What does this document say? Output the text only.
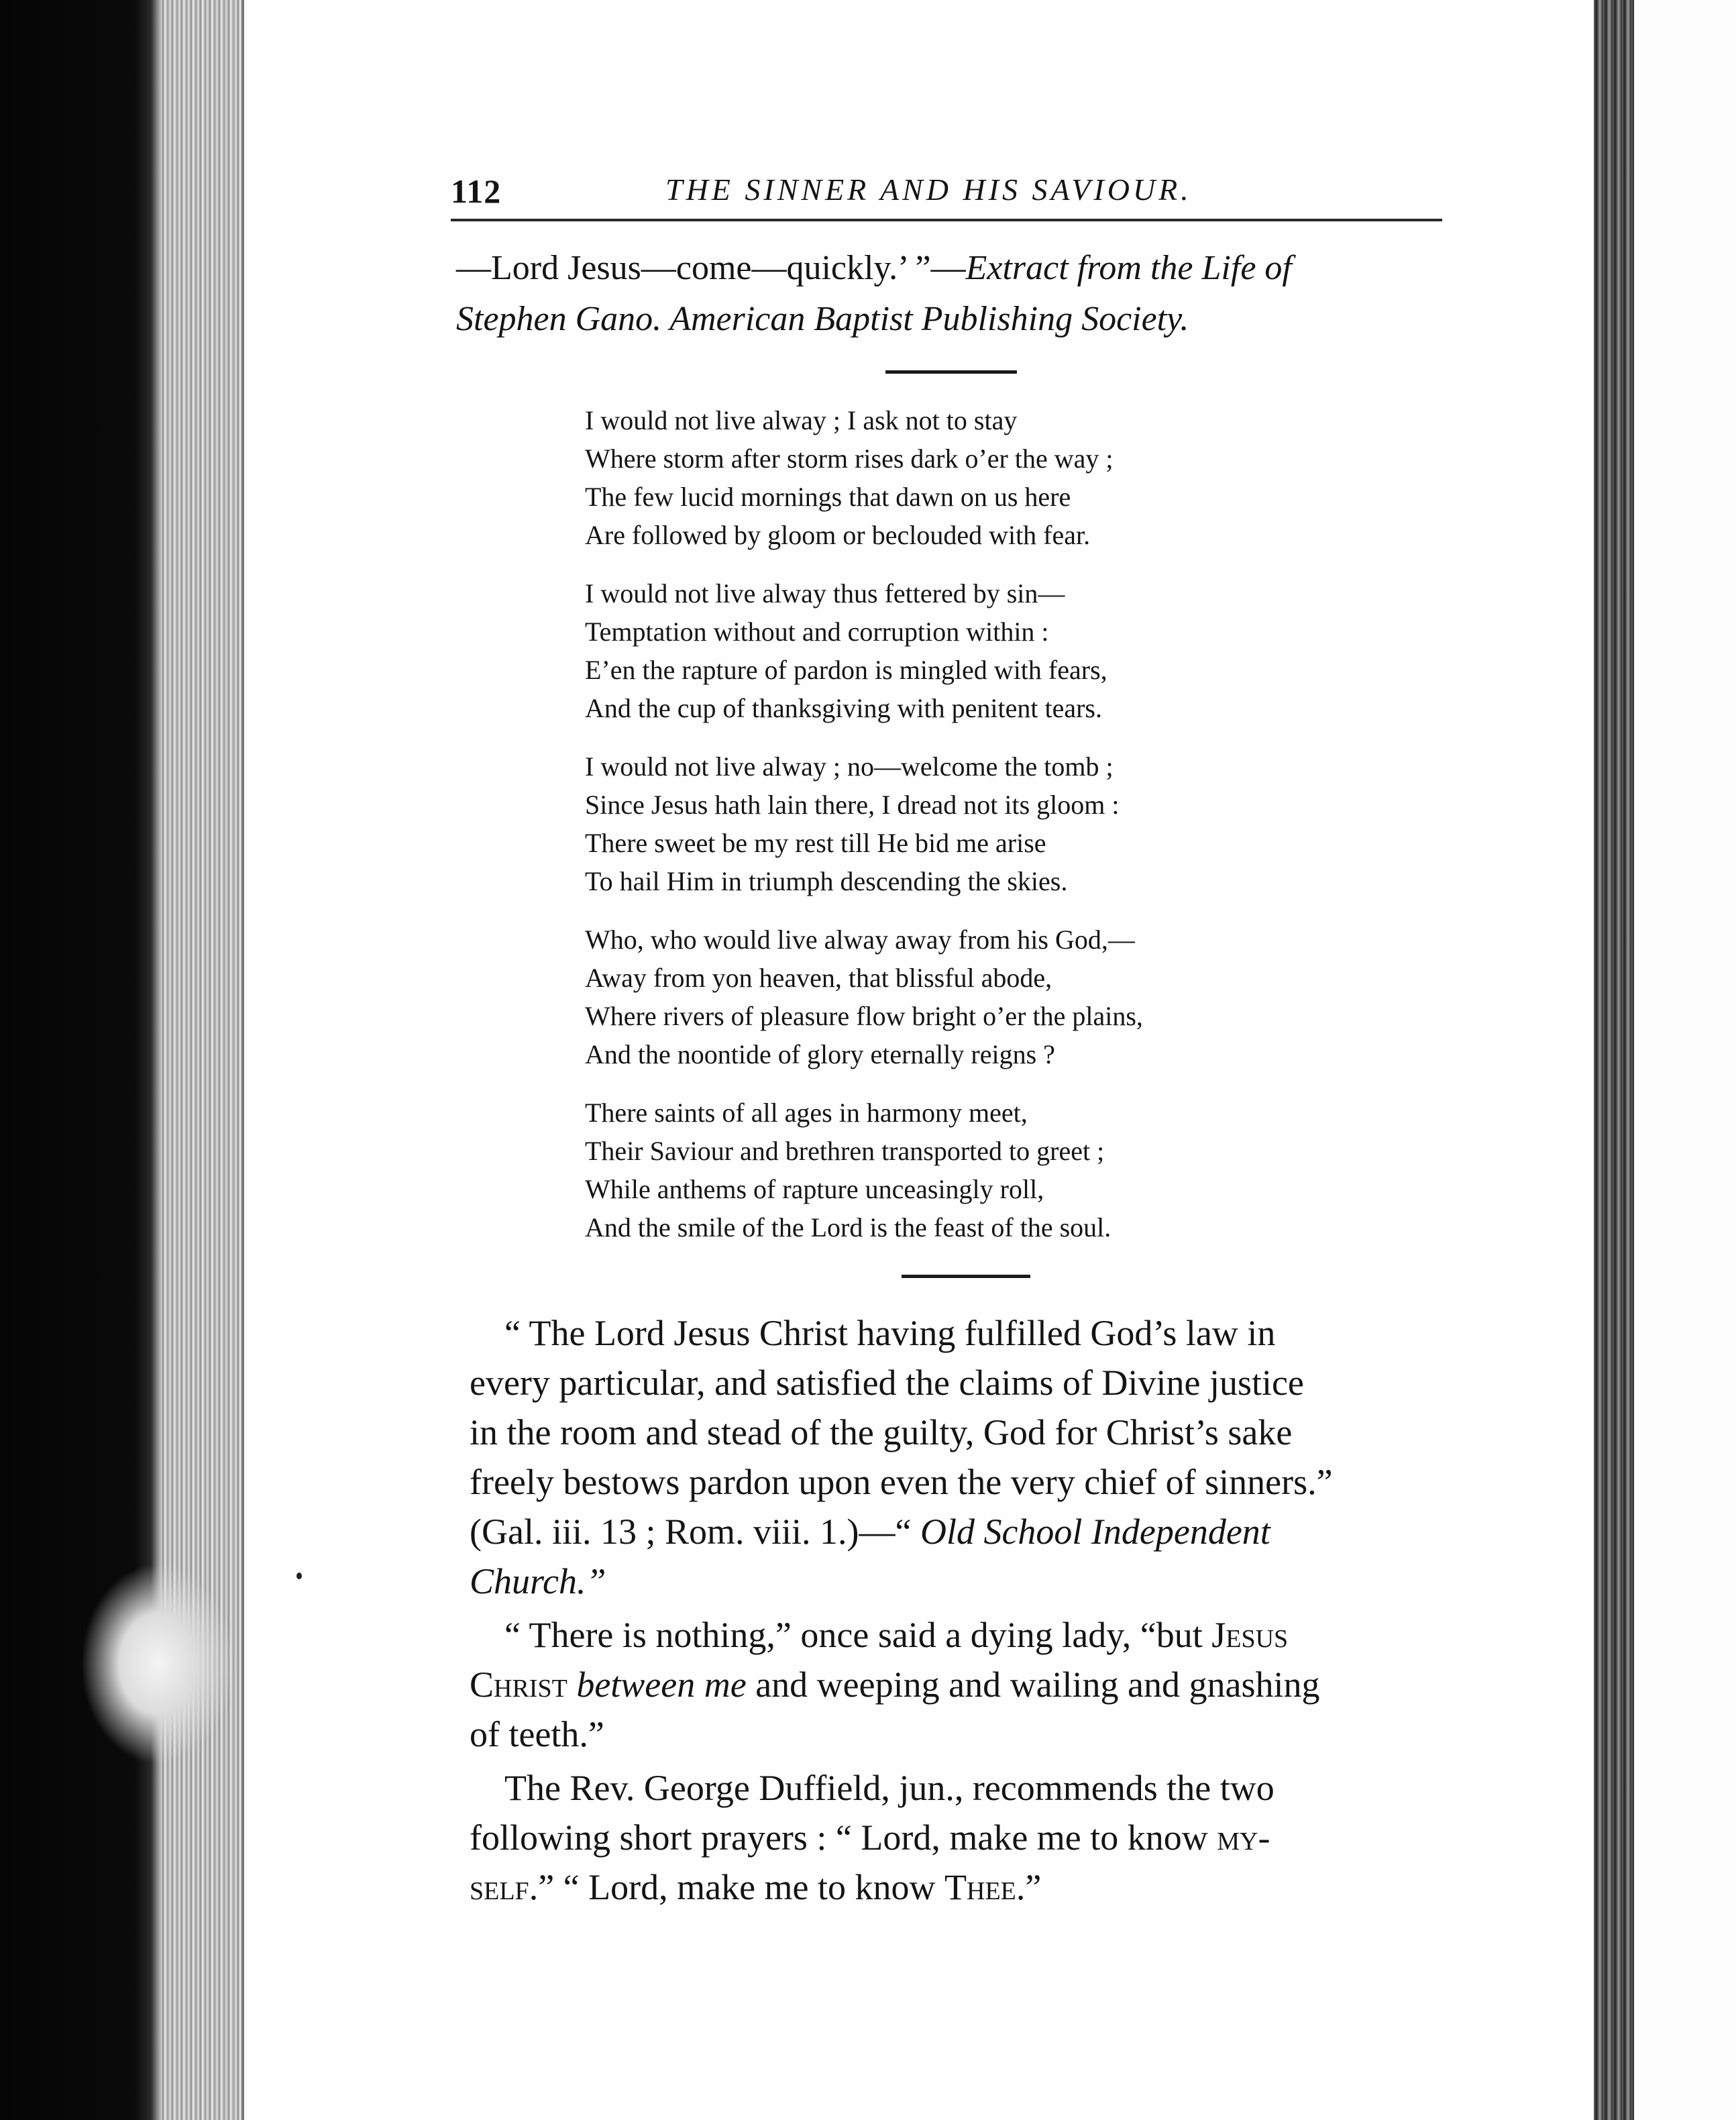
112	THE SINNER AND HIS SAVIOUR.
—Lord Jesus—come—quickly.’ ”—Extract from the Life of
Stephen Gano. American Baptist Publishing Society.
I would not live alway ; I ask not to stay
Where storm after storm rises dark o’er the way ;
The few lucid mornings that dawn on us here
Are followed by gloom or beclouded with fear.
I would not live alway thus fettered by sin—
Temptation without and corruption within :
E’en the rapture of pardon is mingled with fears,
And the cup of thanksgiving with penitent tears.
I would not live alway ; no—welcome the tomb ;
Since Jesus hath lain there, I dread not its gloom :
There sweet be my rest till He bid me arise
To hail Him in triumph descending the skies.
Who, who would live alway away from his God,—
Away from yon heaven, that blissful abode,
Where rivers of pleasure flow bright o’er the plains,
And the noontide of glory eternally reigns ?
There saints of all ages in harmony meet,
Their Saviour and brethren transported to greet ;
While anthems of rapture unceasingly roll,
And the smile of the Lord is the feast of the soul.
“ The Lord Jesus Christ having fulfilled God’s law in
every particular, and satisfied the claims of Divine justice
in the room and stead of the guilty, God for Christ’s sake
freely bestows pardon upon even the very chief of sinners.”
(Gal. iii. 13 ; Rom. viii. 1.)—“ Old School Independent
Church.”
“ There is nothing,” once said a dying lady, “but Jesus
Christ between me and weeping and wailing and gnashing
of teeth.”
The Rev. George Duffield, jun., recommends the two
following short prayers : “ Lord, make me to know my-
self.” “ Lord, make me to know Thee.”
